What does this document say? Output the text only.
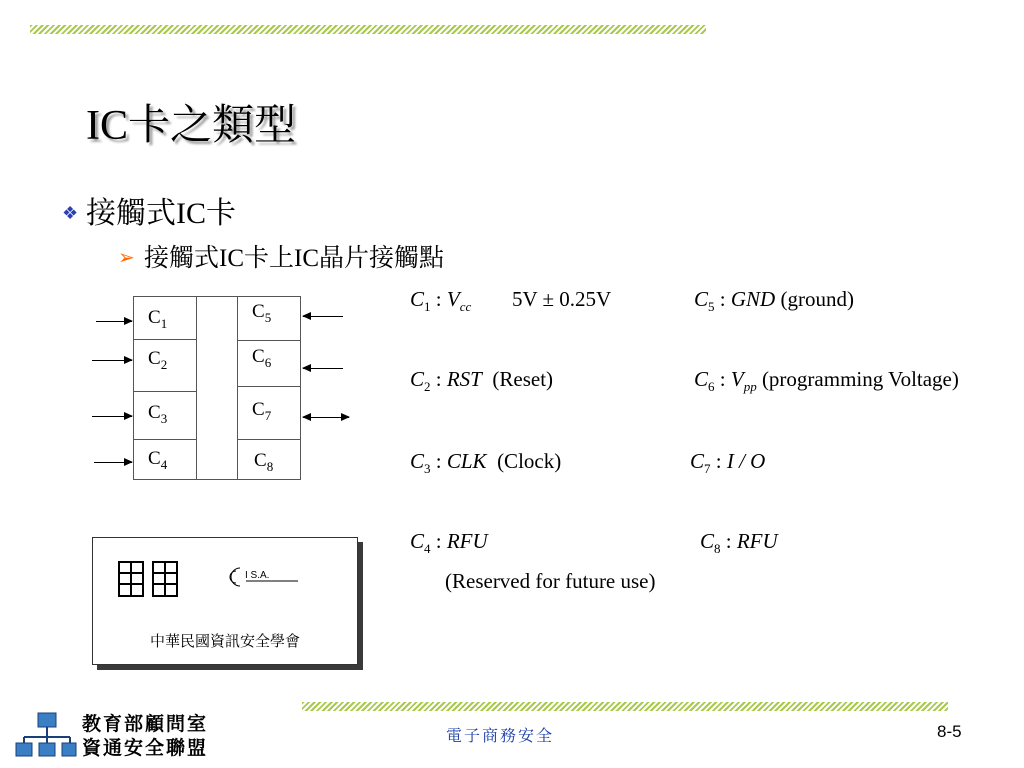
IC卡之類型
❖ 接觸式IC卡
➢ 接觸式IC卡上IC晶片接觸點
$C_1$
$C_2$
$C_3$
$C_4$
$C_5$
$C_6$
$C_7$
$C_8$
$C_1$ : $V_{cc}$ 5V ± 0.25V	$C_5$ : GND (ground)
$C_2$ : RST (Reset)	$C_6$ : $V_{pp}$ (programming Voltage)
$C_3$ : CLK (Clock)	$C_7$ : I / O
$C_4$ : RFU	$C_8$ : RFU
(Reserved for future use)
I S.A.
中華民國資訊安全學會
教育部顧問室
資通安全聯盟
電子商務安全	8-5
